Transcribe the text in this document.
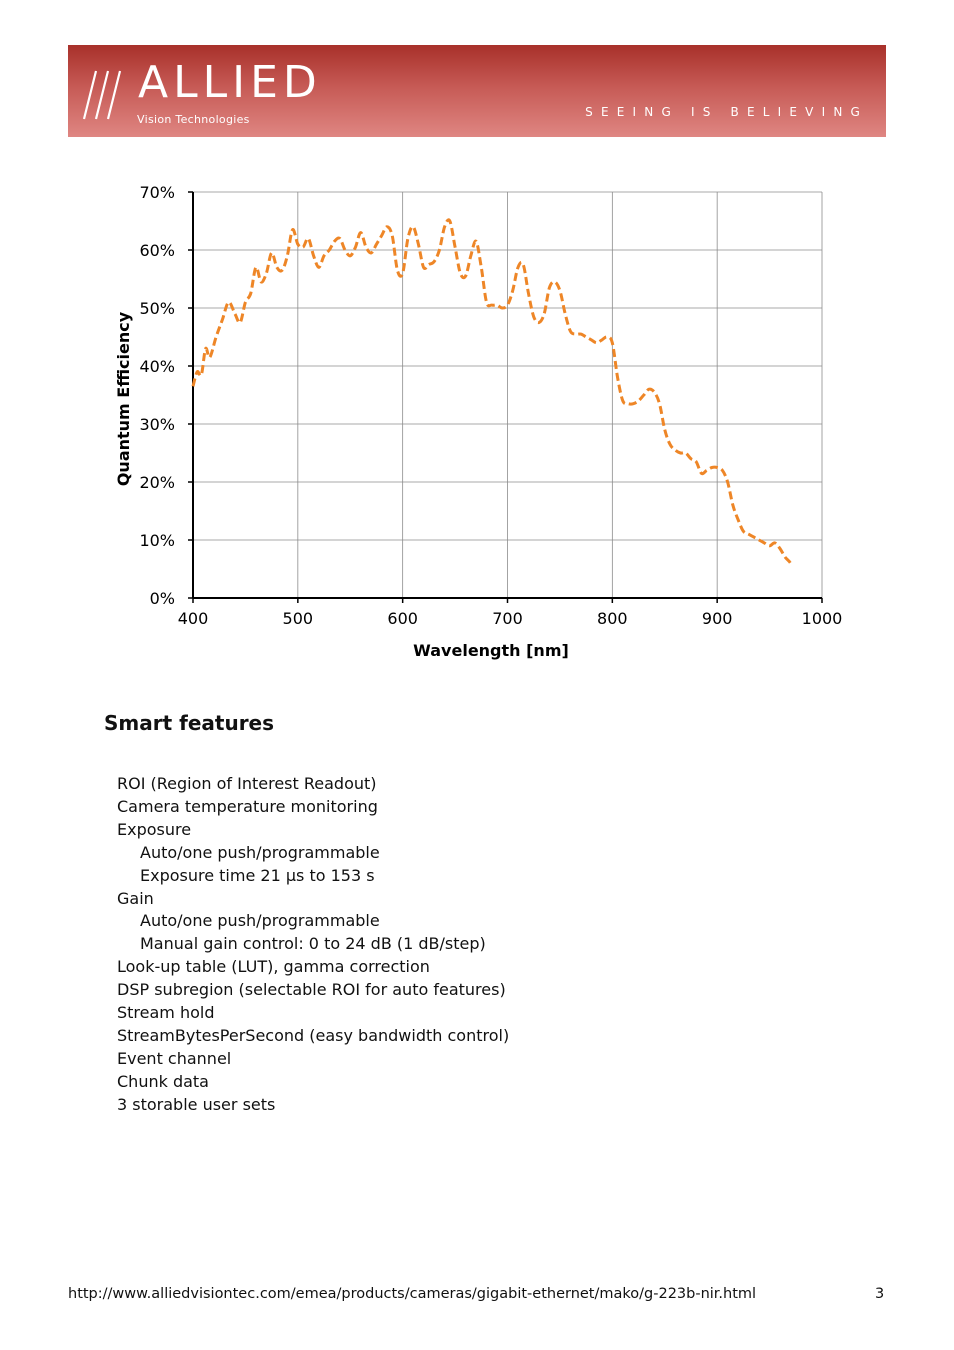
ALLIED
Vision Technologies
SEEING IS BELIEVING
0%
10%
20%
30%
40%
50%
60%
70%
400	500	600	700	800	900	1000
Wavelength [nm]
Quantum Efficiency
Smart features
ROI (Region of Interest Readout)
Camera temperature monitoring
Exposure
Auto/one push/programmable
Exposure time 21 µs to 153 s
Gain
Auto/one push/programmable
Manual gain control: 0 to 24 dB (1 dB/step)
Look-up table (LUT), gamma correction
DSP subregion (selectable ROI for auto features)
Stream hold
StreamBytesPerSecond (easy bandwidth control)
Event channel
Chunk data
3 storable user sets
http://www.alliedvisiontec.com/emea/products/cameras/gigabit-ethernet/mako/g-223b-nir.html	3
